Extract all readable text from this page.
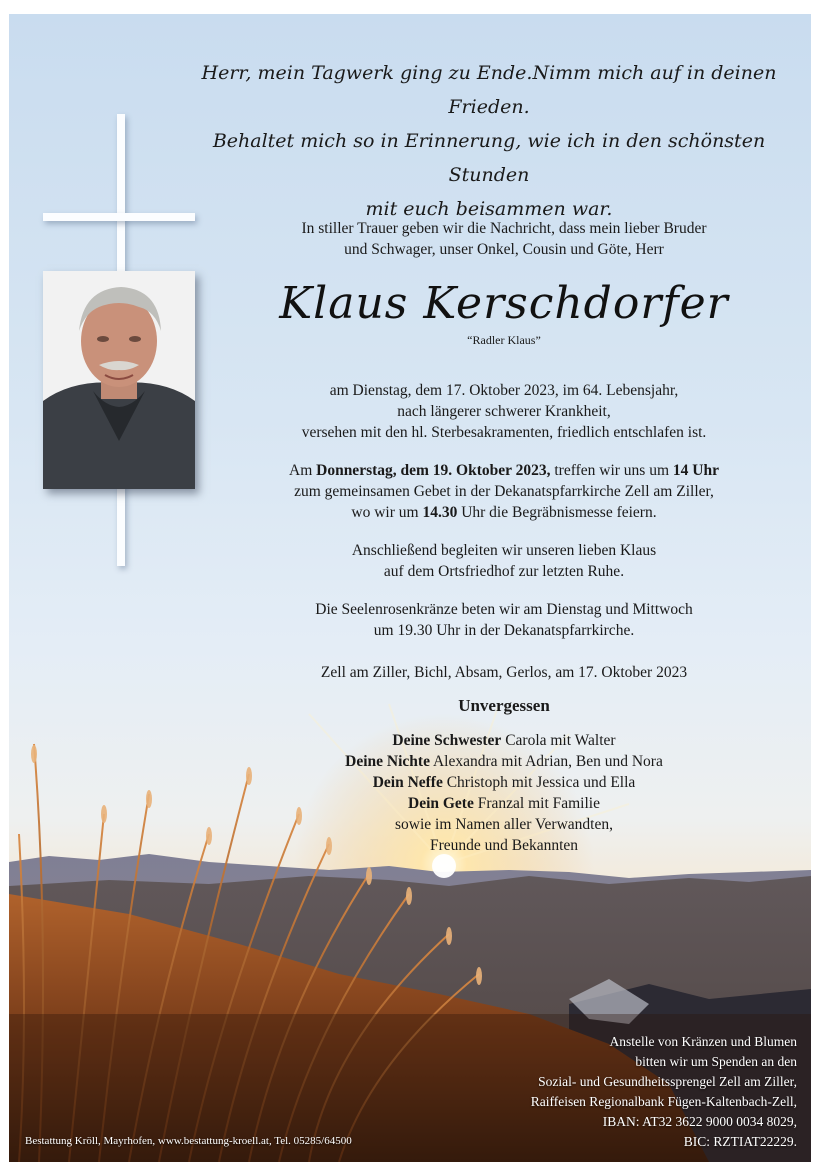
Herr, mein Tagwerk ging zu Ende.Nimm mich auf in deinen Frieden.
Behaltet mich so in Erinnerung, wie ich in den schönsten Stunden
mit euch beisammen war.
In stiller Trauer geben wir die Nachricht, dass mein lieber Bruder
und Schwager, unser Onkel, Cousin und Göte, Herr
Klaus Kerschdorfer
“Radler Klaus”
am Dienstag, dem 17. Oktober 2023, im 64. Lebensjahr,
nach längerer schwerer Krankheit,
versehen mit den hl. Sterbesakramenten, friedlich entschlafen ist.
Am Donnerstag, dem 19. Oktober 2023, treffen wir uns um 14 Uhr
zum gemeinsamen Gebet in der Dekanatspfarrkirche Zell am Ziller,
wo wir um 14.30 Uhr die Begräbnismesse feiern.
Anschließend begleiten wir unseren lieben Klaus
auf dem Ortsfriedhof zur letzten Ruhe.
Die Seelenrosenkränze beten wir am Dienstag und Mittwoch
um 19.30 Uhr in der Dekanatspfarrkirche.
Zell am Ziller, Bichl, Absam, Gerlos, am 17. Oktober 2023
Unvergessen
Deine Schwester Carola mit Walter
Deine Nichte Alexandra mit Adrian, Ben und Nora
Dein Neffe Christoph mit Jessica und Ella
Dein Gete Franzal mit Familie
sowie im Namen aller Verwandten,
Freunde und Bekannten
Anstelle von Kränzen und Blumen
bitten wir um Spenden an den
Sozial- und Gesundheitssprengel Zell am Ziller,
Raiffeisen Regionalbank Fügen-Kaltenbach-Zell,
IBAN: AT32 3622 9000 0034 8029,
BIC: RZTIAT22229.
Bestattung Kröll, Mayrhofen, www.bestattung-kroell.at, Tel. 05285/64500
